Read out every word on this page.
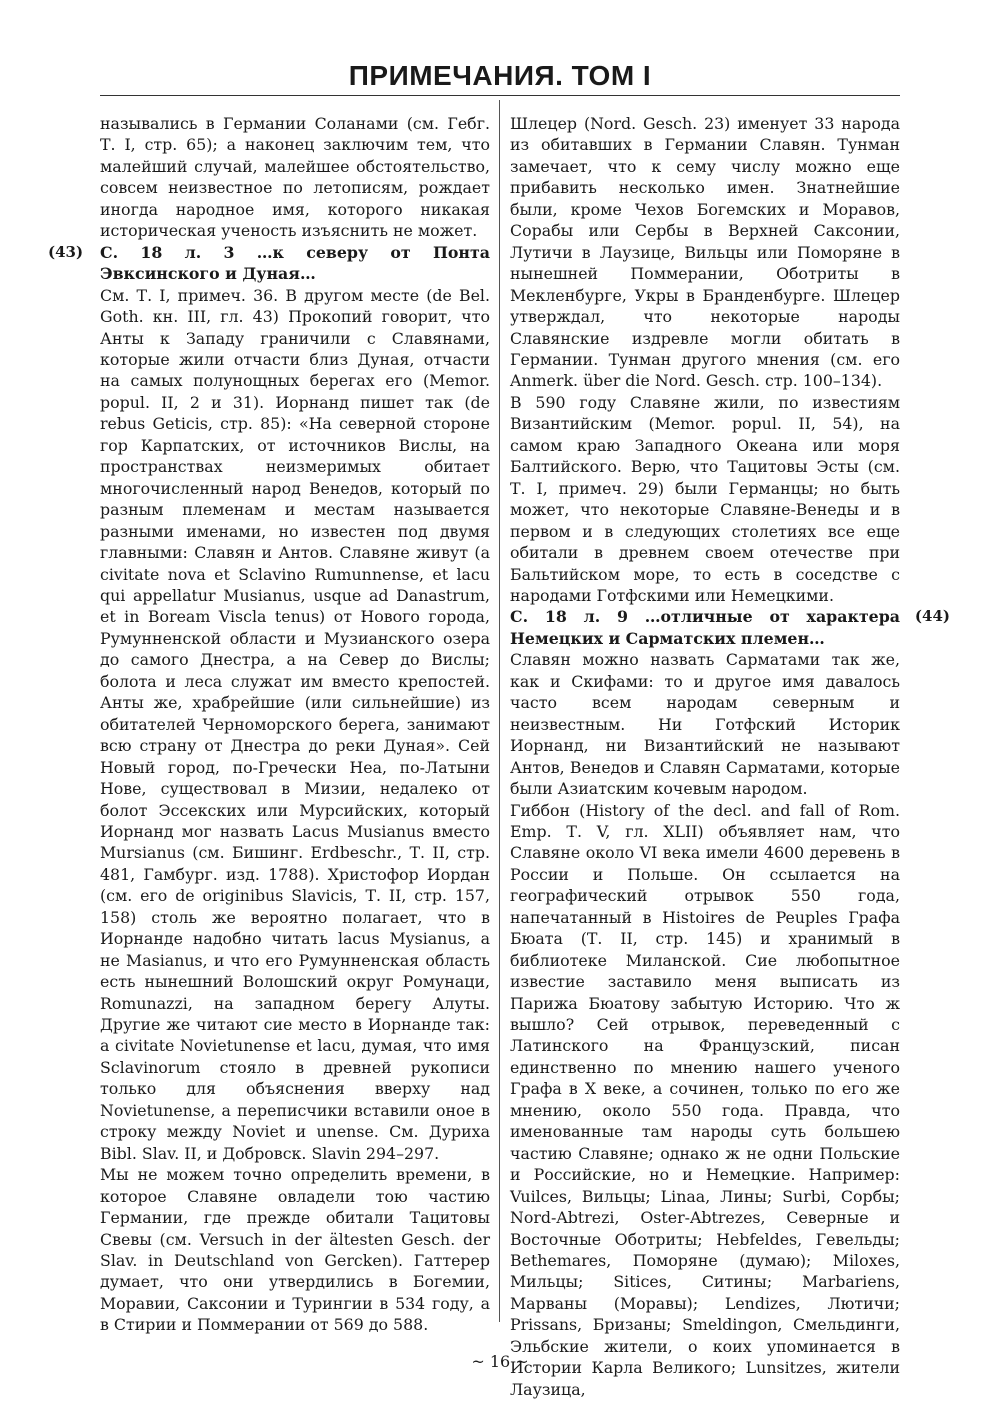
ПРИМЕЧАНИЯ. ТОМ I

назывались в Германии Соланами (см. Гебг. Т. I, стр. 65); а наконец заключим тем, что малейший случай, малейшее обстоятельство, совсем неизвестное по летописям, рождает иногда народное имя, которого никакая историческая ученость изъяснить не может.

(43) С. 18 л. 3 …к северу от Понта Эвксинского и Дуная…

См. Т. I, примеч. 36. В другом месте (de Bel. Goth. кн. III, гл. 43) Прокопий говорит, что Анты к Западу граничили с Славянами, которые жили отчасти близ Дуная, отчасти на самых полунощных берегах его (Memor. popul. II, 2 и 31). Иорнанд пишет так (de rebus Geticis, стр. 85): «На северной стороне гор Карпатских, от источников Вислы, на пространствах неизмеримых обитает многочисленный народ Венедов, который по разным племенам и местам называется разными именами, но известен под двумя главными: Славян и Антов. Славяне живут (a civitate nova et Sclavino Rumunnense, et lacu qui appellatur Musianus, usque ad Danastrum, et in Boream Viscla tenus) от Нового города, Румунненской области и Музианского озера до самого Днестра, а на Север до Вислы; болота и леса служат им вместо крепостей. Анты же, храбрейшие (или сильнейшие) из обитателей Черноморского берега, занимают всю страну от Днестра до реки Дуная». Сей Новый город, по-Гречески Неа, по-Латыни Нове, существовал в Мизии, недалеко от болот Эссекских или Мурсийских, который Иорнанд мог назвать Lacus Musianus вместо Mursianus (см. Бишинг. Erdbeschr., Т. II, стр. 481, Гамбург. изд. 1788). Христофор Иордан (см. его de originibus Slavicis, Т. II, стр. 157, 158) столь же вероятно полагает, что в Иорнанде надобно читать lacus Mysianus, а не Masianus, и что его Румунненская область есть нынешний Волошский округ Ромунаци, Romunazzi, на западном берегу Алуты. Другие же читают сие место в Иорнанде так: a civitate Novietunense et lacu, думая, что имя Sclavinorum стояло в древней рукописи только для объяснения вверху над Novietunense, а переписчики вставили оное в строку между Noviet и unense. См. Дуриха Bibl. Slav. II, и Добровск. Slavin 294–297.

Мы не можем точно определить времени, в которое Славяне овладели тою частию Германии, где прежде обитали Тацитовы Свевы (см. Versuch in der ältesten Gesch. der Slav. in Deutschland von Gercken). Гаттерер думает, что они утвердились в Богемии, Моравии, Саксонии и Турингии в 534 году, а в Стирии и Поммерании от 569 до 588.

Шлецер (Nord. Gesch. 23) именует 33 народа из обитавших в Германии Славян. Тунман замечает, что к сему числу можно еще прибавить несколько имен. Знатнейшие были, кроме Чехов Богемских и Моравов, Сорабы или Сербы в Верхней Саксонии, Лутичи в Лаузице, Вильцы или Поморяне в нынешней Поммерании, Оботриты в Мекленбурге, Укры в Бранденбурге. Шлецер утверждал, что некоторые народы Славянские издревле могли обитать в Германии. Тунман другого мнения (см. его Anmerk. über die Nord. Gesch. стр. 100–134).

В 590 году Славяне жили, по известиям Византийским (Memor. popul. II, 54), на самом краю Западного Океана или моря Балтийского. Верю, что Тацитовы Эсты (см. Т. I, примеч. 29) были Германцы; но быть может, что некоторые Славяне-Венеды и в первом и в следующих столетиях все еще обитали в древнем своем отечестве при Бальтийском море, то есть в соседстве с народами Готфскими или Немецкими.

(44)
С. 18 л. 9 …отличные от характера Немецких и Сарматских племен…

Славян можно назвать Сарматами так же, как и Скифами: то и другое имя давалось часто всем народам северным и неизвестным. Ни Готфский Историк Иорнанд, ни Византийский не называют Антов, Венедов и Славян Сарматами, которые были Азиатским кочевым народом.

Гиббон (History of the decl. and fall of Rom. Emp. Т. V, гл. XLII) объявляет нам, что Славяне около VI века имели 4600 деревень в России и Польше. Он ссылается на географический отрывок 550 года, напечатанный в Histoires de Peuples Графа Бюата (Т. II, стр. 145) и хранимый в библиотеке Миланской. Сие любопытное известие заставило меня выписать из Парижа Бюатову забытую Историю. Что ж вышло? Сей отрывок, переведенный с Латинского на Французский, писан единственно по мнению нашего ученого Графа в X веке, а сочинен, только по его же мнению, около 550 года. Правда, что именованные там народы суть большею частию Славяне; однако ж не одни Польские и Российские, но и Немецкие. Например: Vuilces, Вильцы; Linaa, Лины; Surbi, Сорбы; Nord-Abtrezi, Oster-Abtrezes, Северные и Восточные Оботриты; Hebfeldes, Гевельды; Bethemares, Поморяне (думаю); Miloxes, Мильцы; Sitices, Ситины; Marbariens, Марваны (Моравы); Lendizes, Лютичи; Prissans, Бризаны; Smeldingon, Смельдинги, Эльбские жители, о коих упоминается в Истории Карла Великого; Lunsitzes, жители Лаузица,

~ 16 ~
